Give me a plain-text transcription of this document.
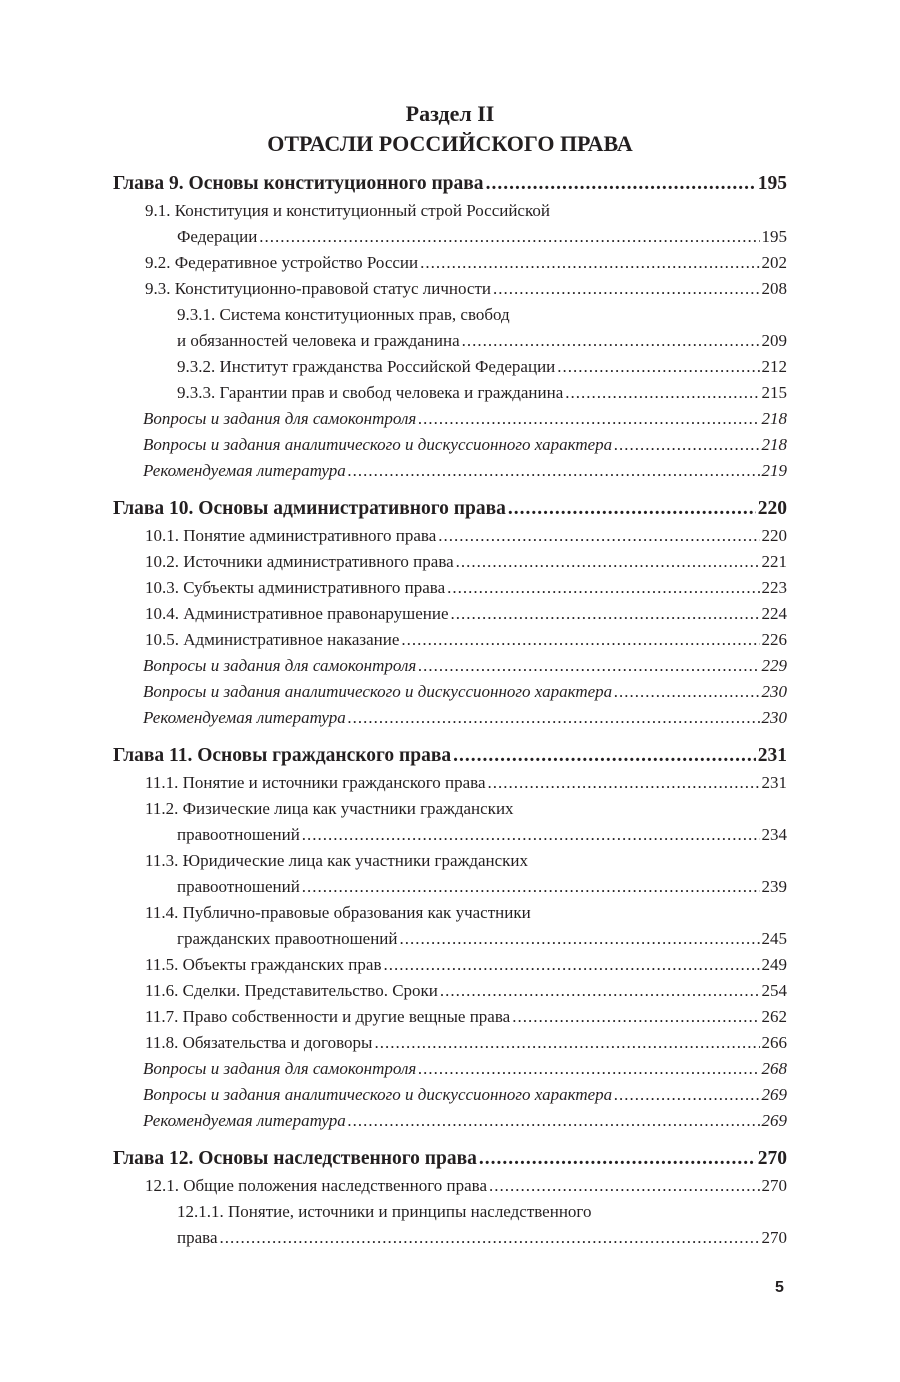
Раздел II
ОТРАСЛИ РОССИЙСКОГО ПРАВА
Глава 9. Основы конституционного права .....	195
9.1. Конституция и конституционный строй Российской
Федерации .....	195
9.2. Федеративное устройство России .....	202
9.3. Конституционно-правовой статус личности .....	208
9.3.1. Система конституционных прав, свобод
и обязанностей человека и гражданина .....	209
9.3.2. Институт гражданства Российской Федерации .....	212
9.3.3. Гарантии прав и свобод человека и гражданина .....	215
Вопросы и задания для самоконтроля .....	218
Вопросы и задания аналитического и дискуссионного характера .....	218
Рекомендуемая литература .....	219
Глава 10. Основы административного права .....	220
10.1. Понятие административного права .....	220
10.2. Источники административного права .....	221
10.3. Субъекты административного права .....	223
10.4. Административное правонарушение .....	224
10.5. Административное наказание .....	226
Вопросы и задания для самоконтроля .....	229
Вопросы и задания аналитического и дискуссионного характера .....	230
Рекомендуемая литература .....	230
Глава 11. Основы гражданского права .....	231
11.1. Понятие и источники гражданского права .....	231
11.2. Физические лица как участники гражданских
правоотношений .....	234
11.3. Юридические лица как участники гражданских
правоотношений .....	239
11.4. Публично-правовые образования как участники
гражданских правоотношений .....	245
11.5. Объекты гражданских прав .....	249
11.6. Сделки. Представительство. Сроки .....	254
11.7. Право собственности и другие вещные права .....	262
11.8. Обязательства и договоры .....	266
Вопросы и задания для самоконтроля .....	268
Вопросы и задания аналитического и дискуссионного характера .....	269
Рекомендуемая литература .....	269
Глава 12. Основы наследственного права .....	270
12.1. Общие положения наследственного права .....	270
12.1.1. Понятие, источники и принципы наследственного
права .....	270
5
